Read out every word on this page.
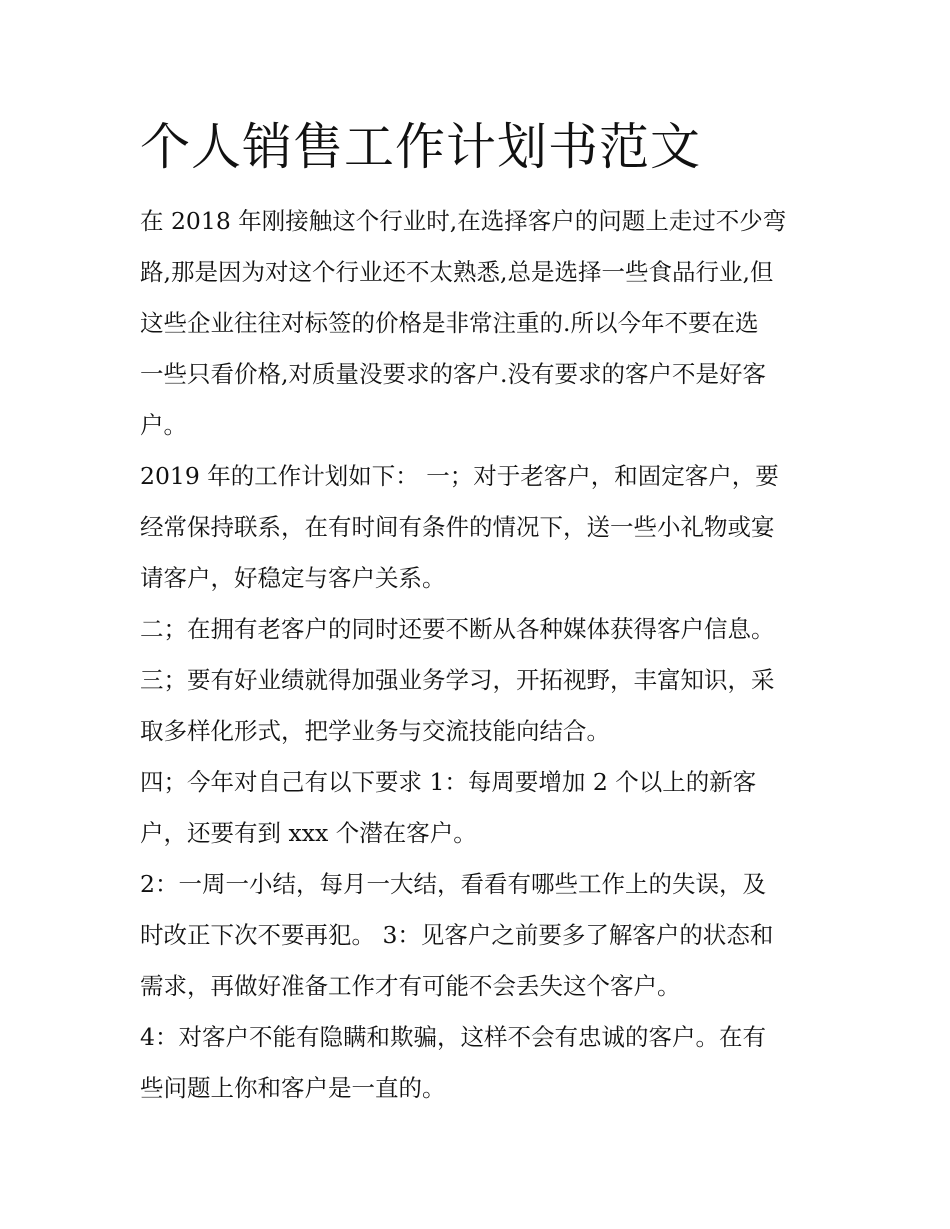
个人销售工作计划书范文
在 2018 年刚接触这个行业时,在选择客户的问题上走过不少弯
路,那是因为对这个行业还不太熟悉,总是选择一些食品行业,但
这些企业往往对标签的价格是非常注重的.所以今年不要在选
一些只看价格,对质量没要求的客户.没有要求的客户不是好客
户。
2019 年的工作计划如下： 一；对于老客户，和固定客户，要
经常保持联系，在有时间有条件的情况下，送一些小礼物或宴
请客户，好稳定与客户关系。
二；在拥有老客户的同时还要不断从各种媒体获得客户信息。
三；要有好业绩就得加强业务学习，开拓视野，丰富知识，采
取多样化形式，把学业务与交流技能向结合。
四；今年对自己有以下要求 1：每周要增加 2 个以上的新客
户，还要有到 xxx 个潜在客户。
2：一周一小结，每月一大结，看看有哪些工作上的失误，及
时改正下次不要再犯。 3：见客户之前要多了解客户的状态和
需求，再做好准备工作才有可能不会丢失这个客户。
4：对客户不能有隐瞒和欺骗，这样不会有忠诚的客户。在有
些问题上你和客户是一直的。
